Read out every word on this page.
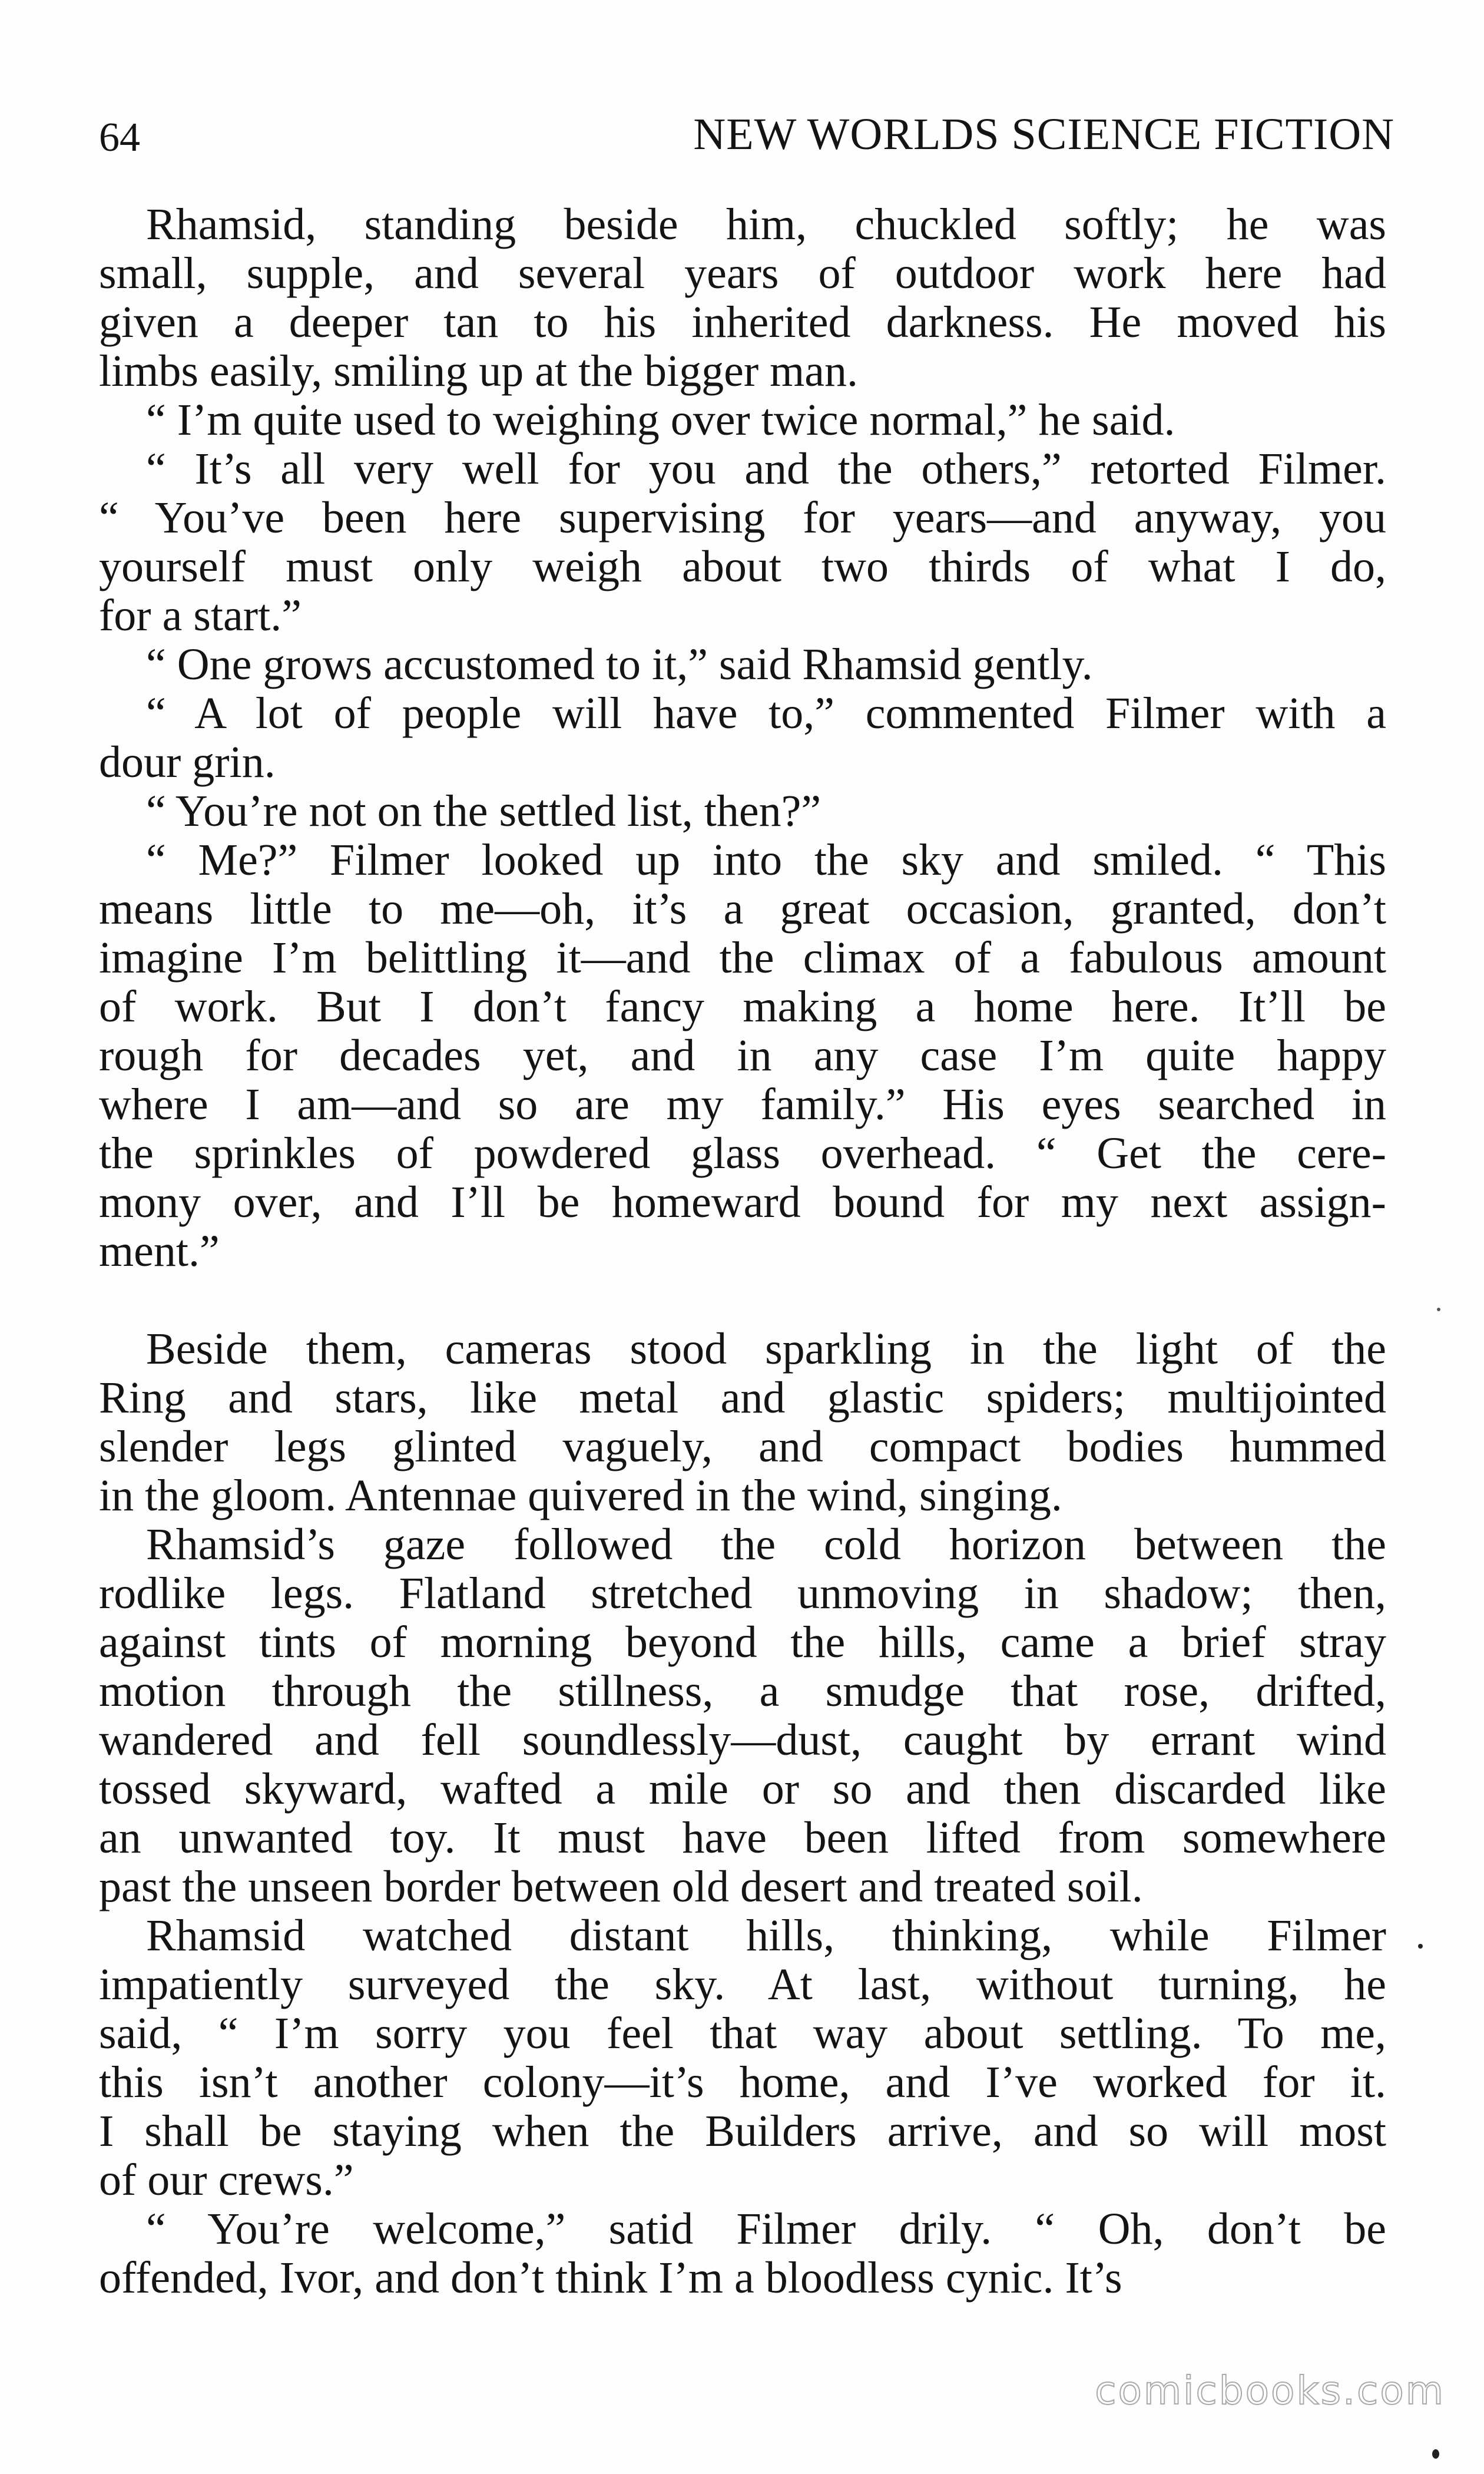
64	NEW WORLDS SCIENCE FICTION
Rhamsid, standing beside him, chuckled softly; he was
small, supple, and several years of outdoor work here had
given a deeper tan to his inherited darkness. He moved his
limbs easily, smiling up at the bigger man.
“ I’m quite used to weighing over twice normal,” he said.
“ It’s all very well for you and the others,” retorted Filmer.
“ You’ve been here supervising for years—and anyway, you
yourself must only weigh about two thirds of what I do,
for a start.”
“ One grows accustomed to it,” said Rhamsid gently.
“ A lot of people will have to,” commented Filmer with a
dour grin.
“ You’re not on the settled list, then?”
“ Me?” Filmer looked up into the sky and smiled. “ This
means little to me—oh, it’s a great occasion, granted, don’t
imagine I’m belittling it—and the climax of a fabulous amount
of work. But I don’t fancy making a home here. It’ll be
rough for decades yet, and in any case I’m quite happy
where I am—and so are my family.” His eyes searched in
the sprinkles of powdered glass overhead. “ Get the cere-
mony over, and I’ll be homeward bound for my next assign-
ment.”
Beside them, cameras stood sparkling in the light of the
Ring and stars, like metal and glastic spiders; multijointed
slender legs glinted vaguely, and compact bodies hummed
in the gloom. Antennae quivered in the wind, singing.
Rhamsid’s gaze followed the cold horizon between the
rodlike legs. Flatland stretched unmoving in shadow; then,
against tints of morning beyond the hills, came a brief stray
motion through the stillness, a smudge that rose, drifted,
wandered and fell soundlessly—dust, caught by errant wind
tossed skyward, wafted a mile or so and then discarded like
an unwanted toy. It must have been lifted from somewhere
past the unseen border between old desert and treated soil.
Rhamsid watched distant hills, thinking, while Filmer
impatiently surveyed the sky. At last, without turning, he
said, “ I’m sorry you feel that way about settling. To me,
this isn’t another colony—it’s home, and I’ve worked for it.
I shall be staying when the Builders arrive, and so will most
of our crews.”
“ You’re welcome,” satid Filmer drily. “ Oh, don’t be
offended, Ivor, and don’t think I’m a bloodless cynic. It’s
comicbooks.com
